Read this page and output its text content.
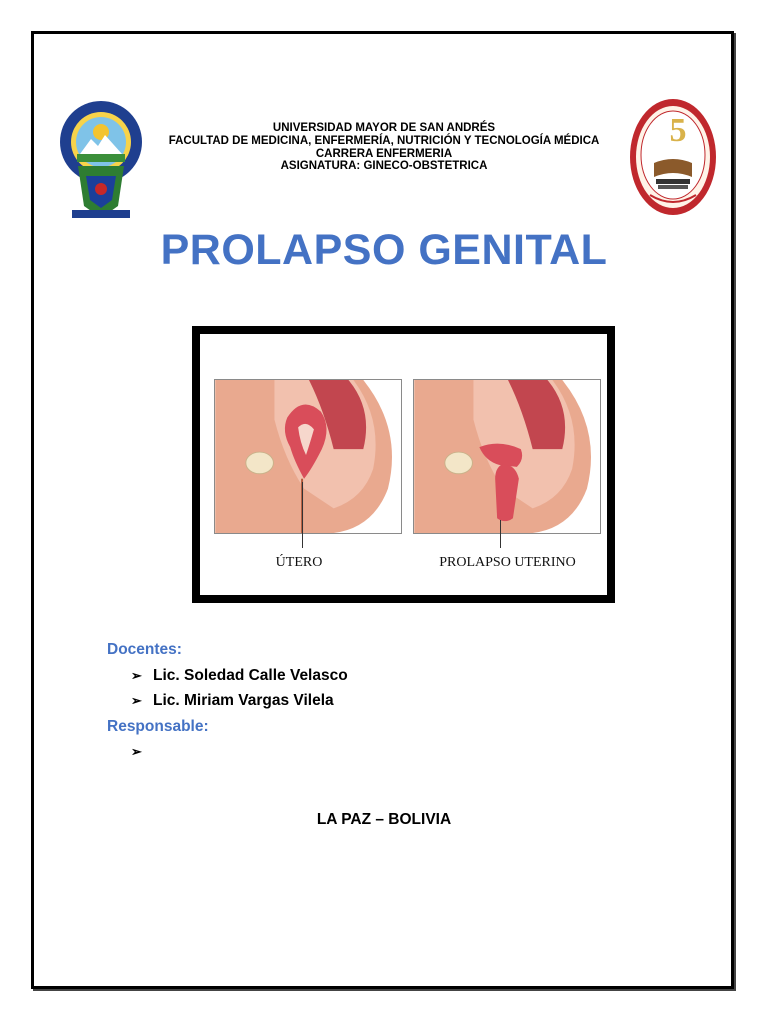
5
UNIVERSIDAD MAYOR DE SAN ANDRÉS
FACULTAD DE MEDICINA, ENFERMERÍA, NUTRICIÓN Y TECNOLOGÍA MÉDICA
CARRERA ENFERMERIA
ASIGNATURA: GINECO-OBSTETRICA
PROLAPSO GENITAL
ÚTERO	PROLAPSO UTERINO
Docentes:
➢ Lic. Soledad Calle Velasco
➢ Lic. Miriam Vargas Vilela
Responsable:
➢
LA PAZ – BOLIVIA
